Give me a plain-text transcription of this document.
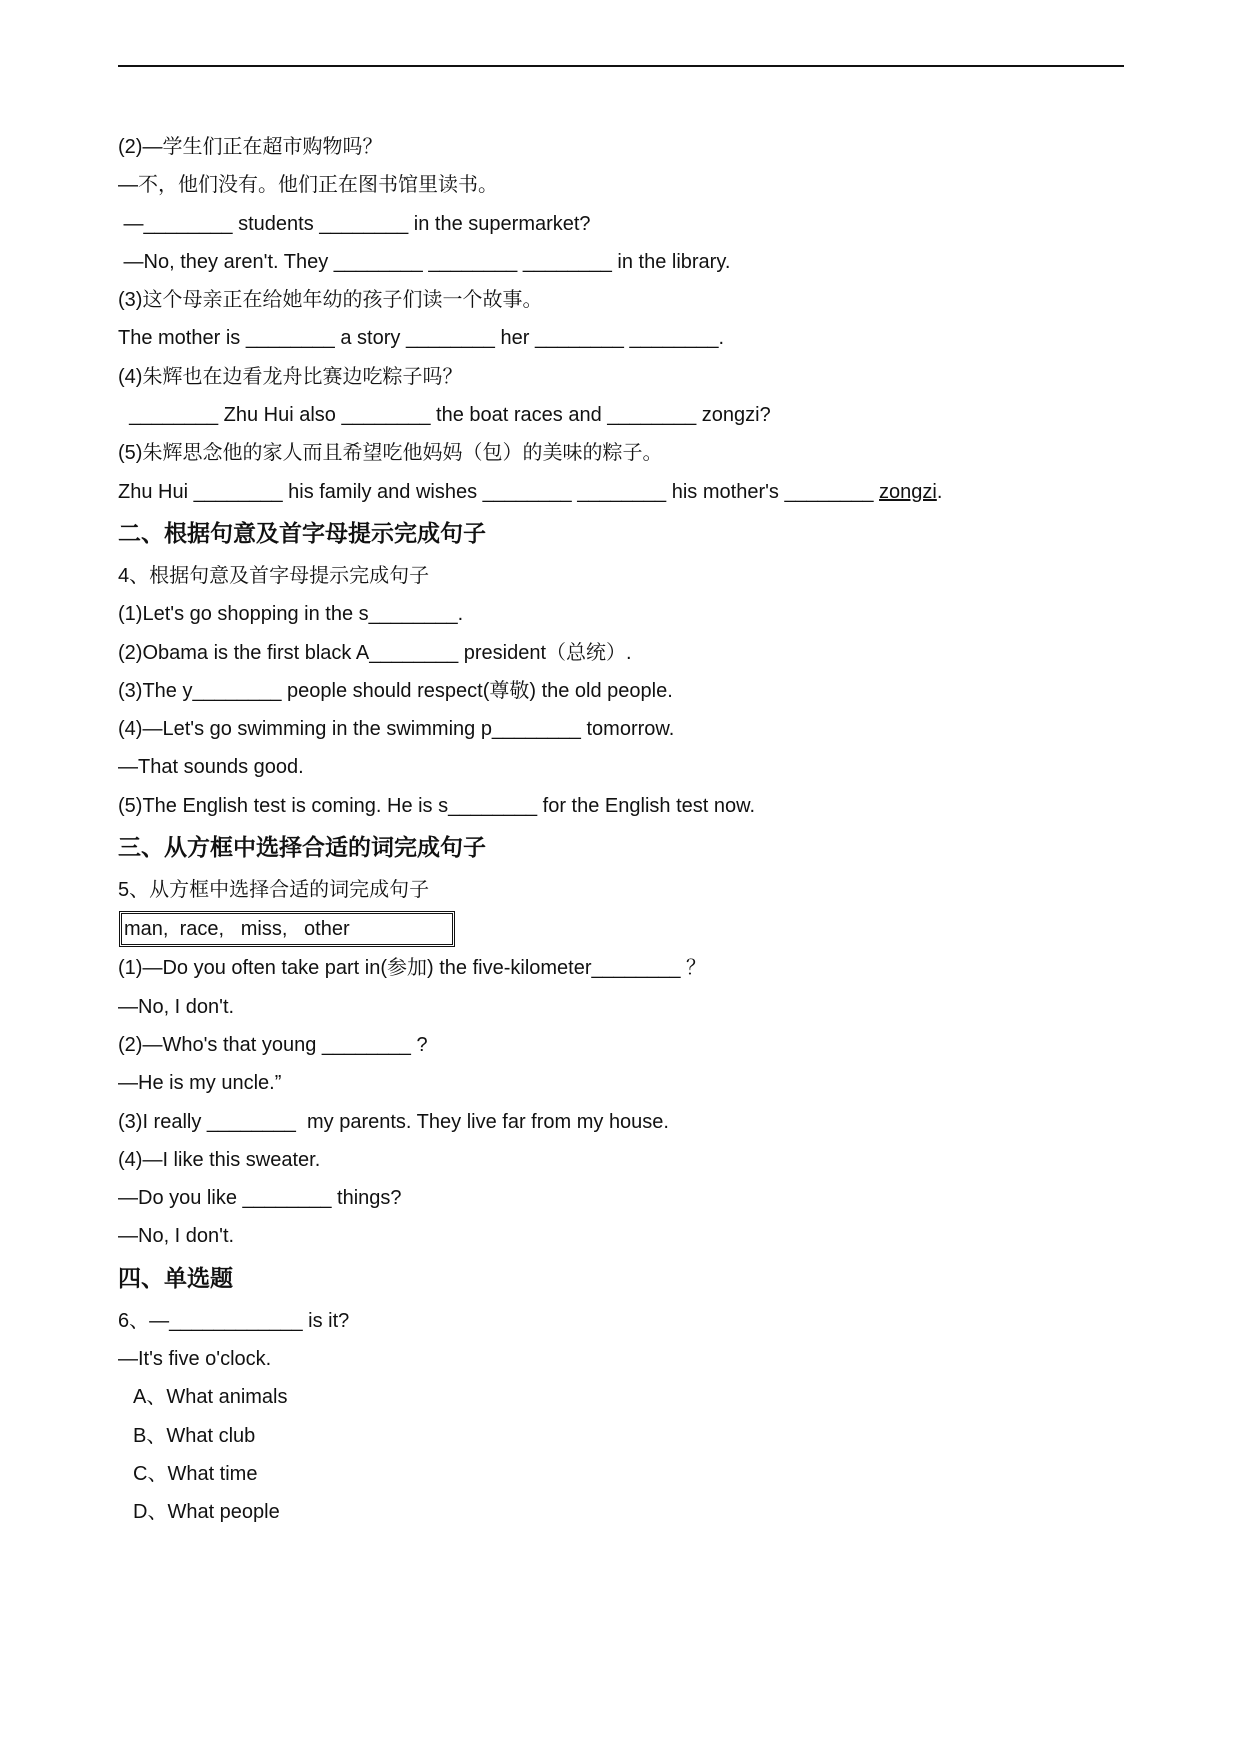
(2)—学生们正在超市购物吗？
—不，他们没有。他们正在图书馆里读书。
—________ students ________ in the supermarket?
—No, they aren't. They ________ ________ ________ in the library.
(3)这个母亲正在给她年幼的孩子们读一个故事。
The mother is ________ a story ________ her ________ ________.
(4)朱辉也在边看龙舟比赛边吃粽子吗？
________ Zhu Hui also ________ the boat races and ________ zongzi?
(5)朱辉思念他的家人而且希望吃他妈妈（包）的美味的粽子。
Zhu Hui ________ his family and wishes ________ ________ his mother's ________ zongzi.
二、根据句意及首字母提示完成句子
4、根据句意及首字母提示完成句子
(1)Let's go shopping in the s________.
(2)Obama is the first black A________ president（总统）.
(3)The y________ people should respect(尊敬) the old people.
(4)—Let's go swimming in the swimming p________ tomorrow.
—That sounds good.
(5)The English test is coming. He is s________ for the English test now.
三、从方框中选择合适的词完成句子
5、从方框中选择合适的词完成句子
man,  race,   miss,   other
(1)—Do you often take part in(参加) the five-kilometer________ ？
—No, I don't.
(2)—Who's that young ________ ?
—He is my uncle.”
(3)I really ________  my parents. They live far from my house.
(4)—I like this sweater.
—Do you like ________ things?
—No, I don't.
四、单选题
6、—____________ is it?
—It's five o'clock.
A、What animals
B、What club
C、What time
D、What people
